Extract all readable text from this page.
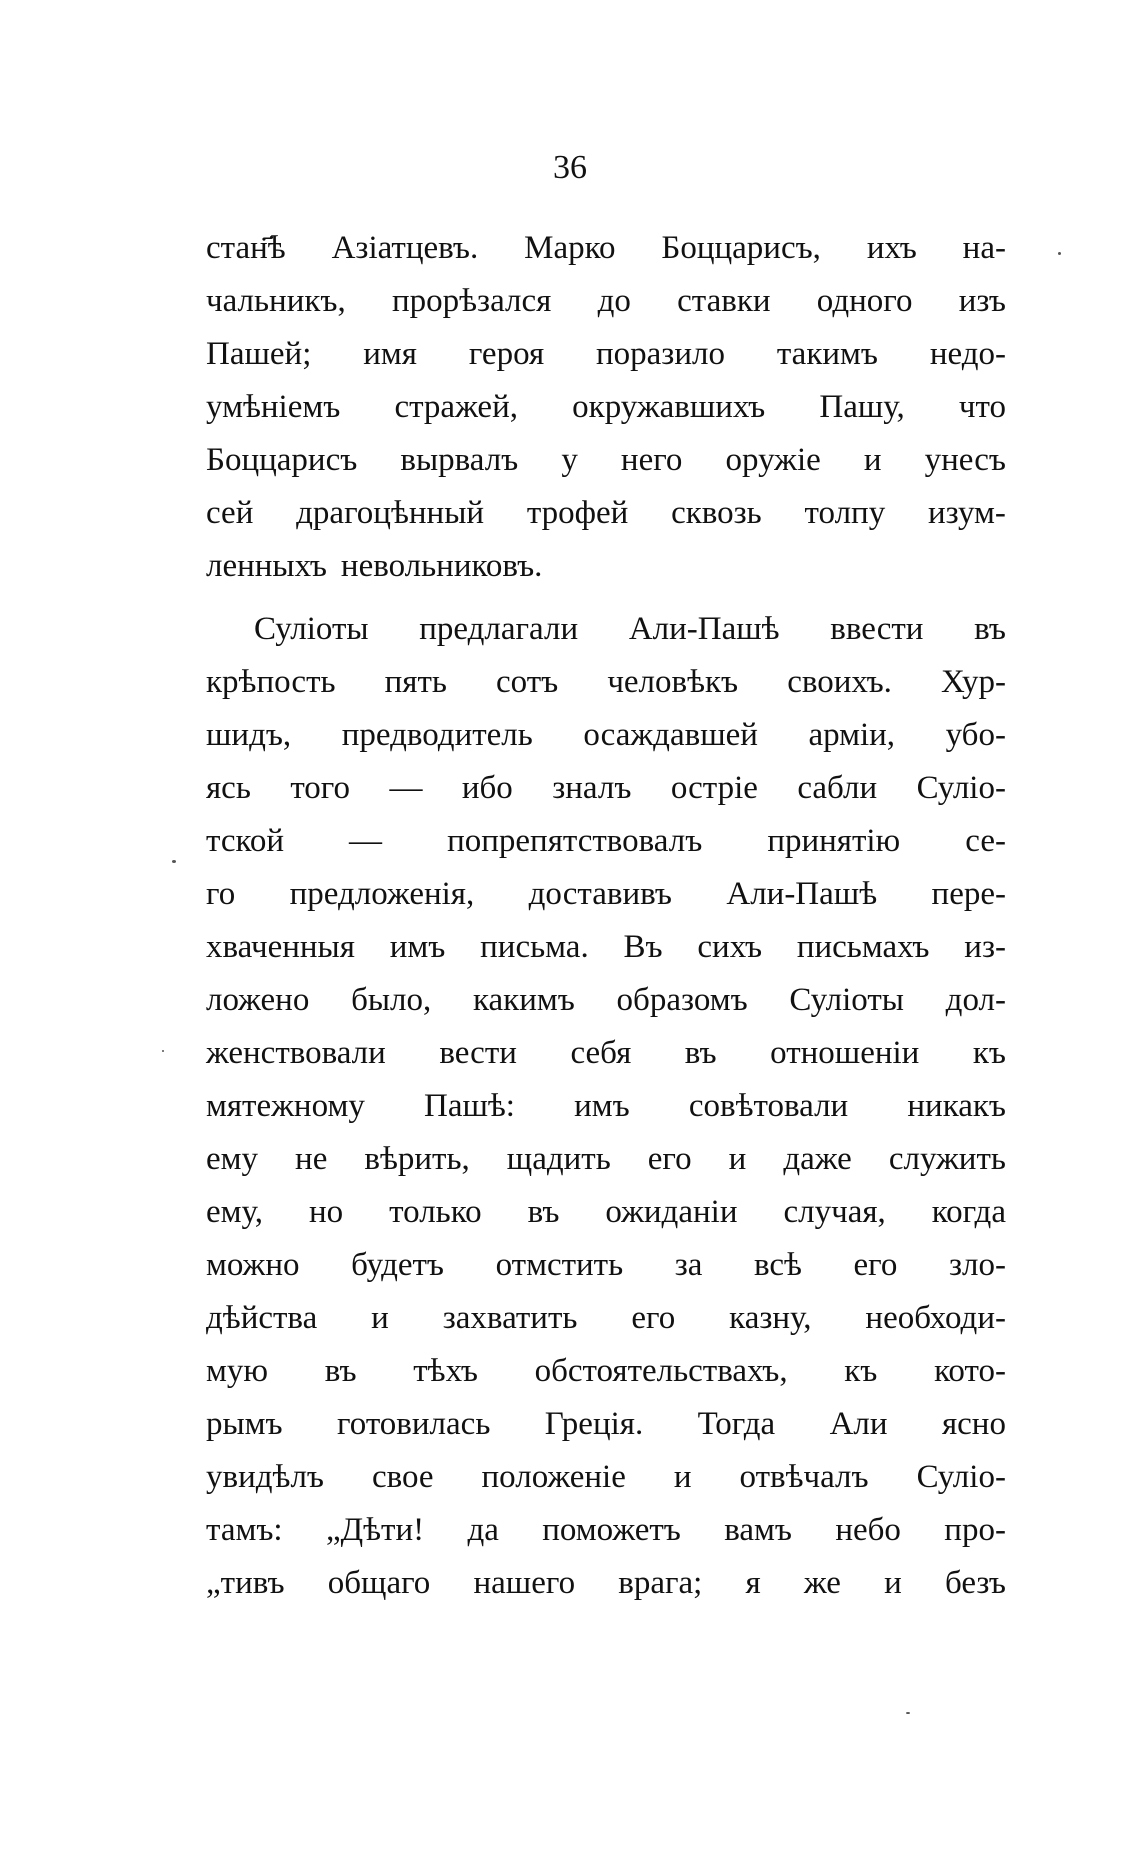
36
стан҃ѣ Азіатцевъ. Марко Боццарисъ, ихъ на-
чальникъ, прорѣзался до ставки одного изъ
Пашей; имя героя поразило такимъ недо-
умѣніемъ стражей, окружавшихъ Пашу, что
Боццарисъ вырвалъ у него оружіе и унесъ
сей драгоцѣнный трофей сквозь толпу изум-
ленныхъ невольниковъ.
Суліоты предлагали Али-Пашѣ ввести въ
крѣпость пять сотъ человѣкъ своихъ. Хур-
шидъ, предводитель осаждавшей арміи, убо-
ясь того — ибо зналъ остріе сабли Суліо-
тской — попрепятствовалъ принятію се-
го предложенія, доставивъ Али-Пашѣ пере-
хваченныя имъ письма. Въ сихъ письмахъ из-
ложено было, какимъ образомъ Суліоты дол-
женствовали вести себя въ отношеніи къ
мятежному Пашѣ: имъ совѣтовали никакъ
ему не вѣрить, щадить его и даже служить
ему, но только въ ожиданіи случая, когда
можно будетъ отмстить за всѣ его зло-
дѣйства и захватить его казну, необходи-
мую въ тѣхъ обстоятельствахъ, къ кото-
рымъ готовилась Греція. Тогда Али ясно
увидѣлъ свое положеніе и отвѣчалъ Суліо-
тамъ: „Дѣти! да поможетъ вамъ небо про-
„тивъ общаго нашего врага; я же и безъ
